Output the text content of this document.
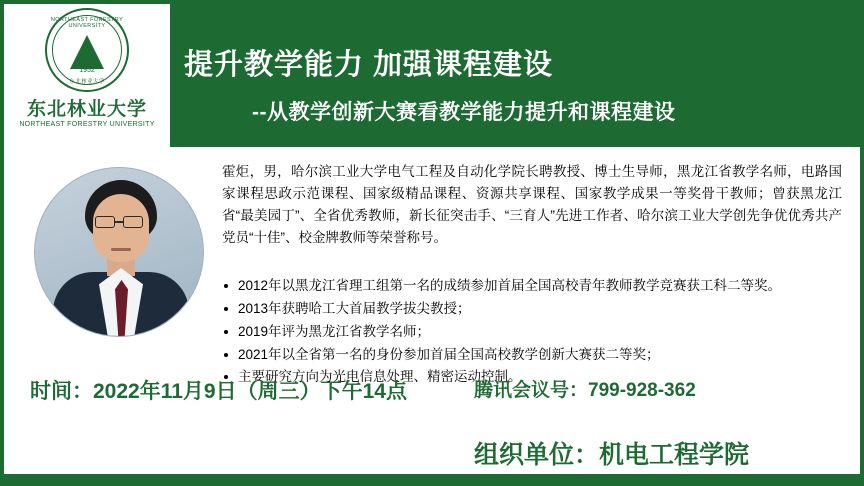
NORTHEAST FORESTRY UNIVERSITY
1952
东北林业大学
东北林业大学
NORTHEAST FORESTRY UNIVERSITY
提升教学能力 加强课程建设
--从教学创新大赛看教学能力提升和课程建设
霍炬，男，哈尔滨工业大学电气工程及自动化学院长聘教授、博士生导师，黑龙江省教学名师，电路国家课程思政示范课程、国家级精品课程、资源共享课程、国家教学成果一等奖骨干教师；曾获黑龙江省“最美园丁”、全省优秀教师，新长征突击手、“三育人”先进工作者、哈尔滨工业大学创先争优优秀共产党员“十佳”、校金牌教师等荣誉称号。
2012年以黑龙江省理工组第一名的成绩参加首届全国高校青年教师教学竞赛获工科二等奖。
2013年获聘哈工大首届教学拔尖教授；
2019年评为黑龙江省教学名师；
2021年以全省第一名的身份参加首届全国高校教学创新大赛获二等奖；
主要研究方向为光电信息处理、精密运动控制。
时间：2022年11月9日（周三）下午14点	腾讯会议号：799-928-362
组织单位：机电工程学院
